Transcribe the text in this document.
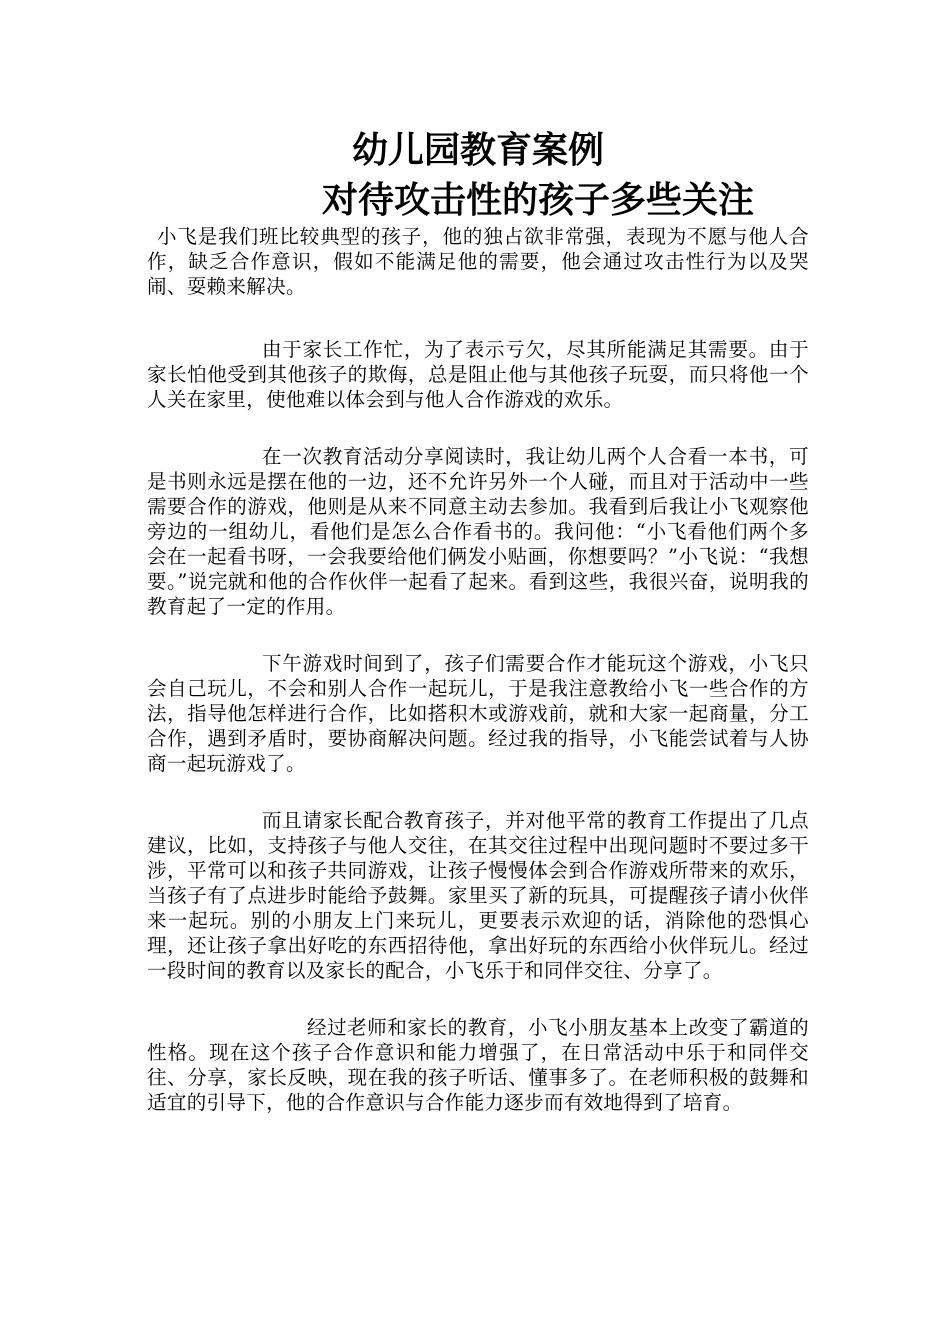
幼儿园教育案例对待攻击性的孩子多些关注

小飞是我们班比较典型的孩子，他的独占欲非常强，表现为不愿与他人合作，缺乏合作意识，假如不能满足他的需要，他会通过攻击性行为以及哭闹、耍赖来解决。

由于家长工作忙，为了表示亏欠，尽其所能满足其需要。由于家长怕他受到其他孩子的欺侮，总是阻止他与其他孩子玩耍，而只将他一个人关在家里，使他难以体会到与他人合作游戏的欢乐。

在一次教育活动分享阅读时，我让幼儿两个人合看一本书，可是书则永远是摆在他的一边，还不允许另外一个人碰，而且对于活动中一些需要合作的游戏，他则是从来不同意主动去参加。我看到后我让小飞观察他旁边的一组幼儿，看他们是怎么合作看书的。我问他：“小飞看他们两个多会在一起看书呀，一会我要给他们俩发小贴画，你想要吗？”小飞说：“我想要。”说完就和他的合作伙伴一起看了起来。看到这些，我很兴奋，说明我的教育起了一定的作用。

下午游戏时间到了，孩子们需要合作才能玩这个游戏，小飞只会自己玩儿，不会和别人合作一起玩儿，于是我注意教给小飞一些合作的方法，指导他怎样进行合作，比如搭积木或游戏前，就和大家一起商量，分工合作，遇到矛盾时，要协商解决问题。经过我的指导，小飞能尝试着与人协商一起玩游戏了。

而且请家长配合教育孩子，并对他平常的教育工作提出了几点建议，比如，支持孩子与他人交往，在其交往过程中出现问题时不要过多干涉，平常可以和孩子共同游戏，让孩子慢慢体会到合作游戏所带来的欢乐，当孩子有了点进步时能给予鼓舞。家里买了新的玩具，可提醒孩子请小伙伴来一起玩。别的小朋友上门来玩儿，更要表示欢迎的话，消除他的恐惧心理，还让孩子拿出好吃的东西招待他，拿出好玩的东西给小伙伴玩儿。经过一段时间的教育以及家长的配合，小飞乐于和同伴交往、分享了。

经过老师和家长的教育，小飞小朋友基本上改变了霸道的性格。现在这个孩子合作意识和能力增强了，在日常活动中乐于和同伴交往、分享，家长反映，现在我的孩子听话、懂事多了。在老师积极的鼓舞和适宜的引导下，他的合作意识与合作能力逐步而有效地得到了培育。
